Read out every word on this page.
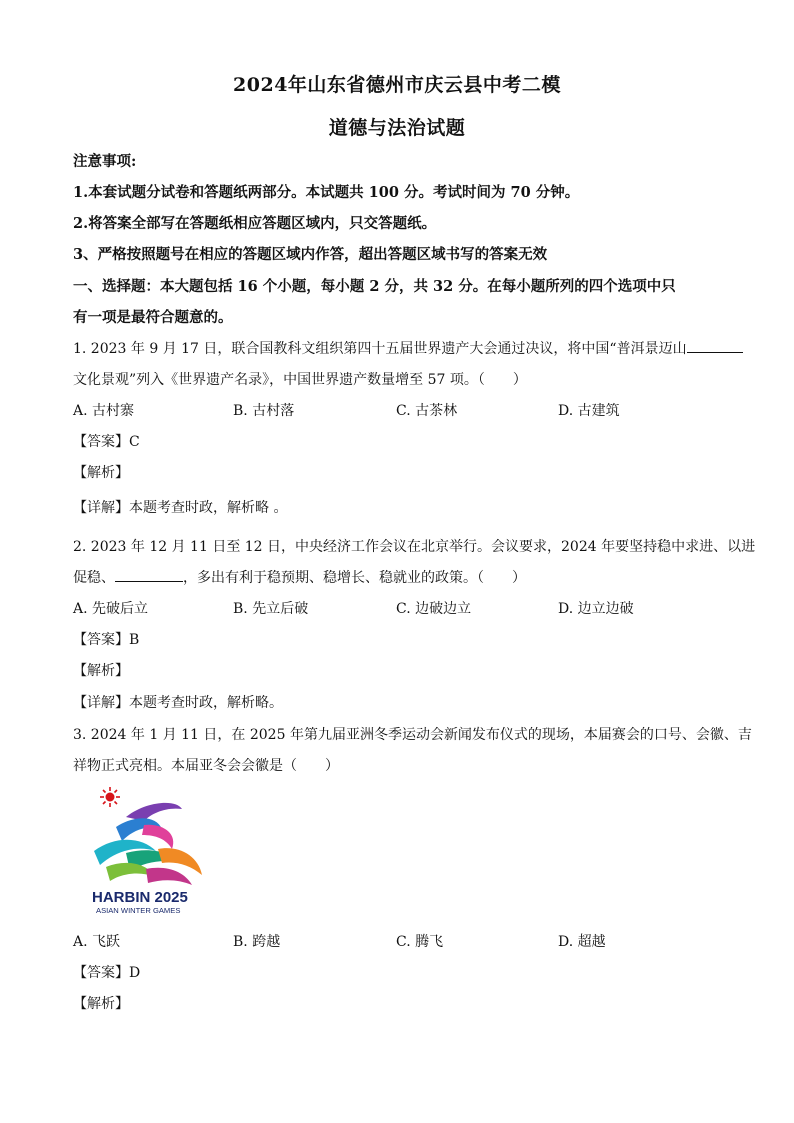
2024年山东省德州市庆云县中考二模
道德与法治试题
注意事项:
1.本套试题分试卷和答题纸两部分。本试题共 100 分。考试时间为 70 分钟。
2.将答案全部写在答题纸相应答题区域内，只交答题纸。
3、严格按照题号在相应的答题区域内作答，超出答题区域书写的答案无效
一、选择题：本大题包括 16 个小题，每小题 2 分，共 32 分。在每小题所列的四个选项中只
有一项是最符合题意的。
1. 2023 年 9 月 17 日，联合国教科文组织第四十五届世界遗产大会通过决议，将中国“普洱景迈山
文化景观”列入《世界遗产名录》，中国世界遗产数量增至 57 项。（　　）
A. 古村寨	B. 古村落	C. 古茶林	D. 古建筑
【答案】C
【解析】
【详解】本题考查时政，解析略 。
2. 2023 年 12 月 11 日至 12 日，中央经济工作会议在北京举行。会议要求，2024 年要坚持稳中求进、以进
促稳、	，多出有利于稳预期、稳增长、稳就业的政策。（　　）
A. 先破后立	B. 先立后破	C. 边破边立	D. 边立边破
【答案】B
【解析】
【详解】本题考查时政，解析略。
3. 2024 年 1 月 11 日，在 2025 年第九届亚洲冬季运动会新闻发布仪式的现场，本届赛会的口号、会徽、吉
祥物正式亮相。本届亚冬会会徽是（　　）
HARBIN 2025
ASIAN WINTER GAMES
A. 飞跃	B. 跨越	C. 腾飞	D. 超越
【答案】D
【解析】
